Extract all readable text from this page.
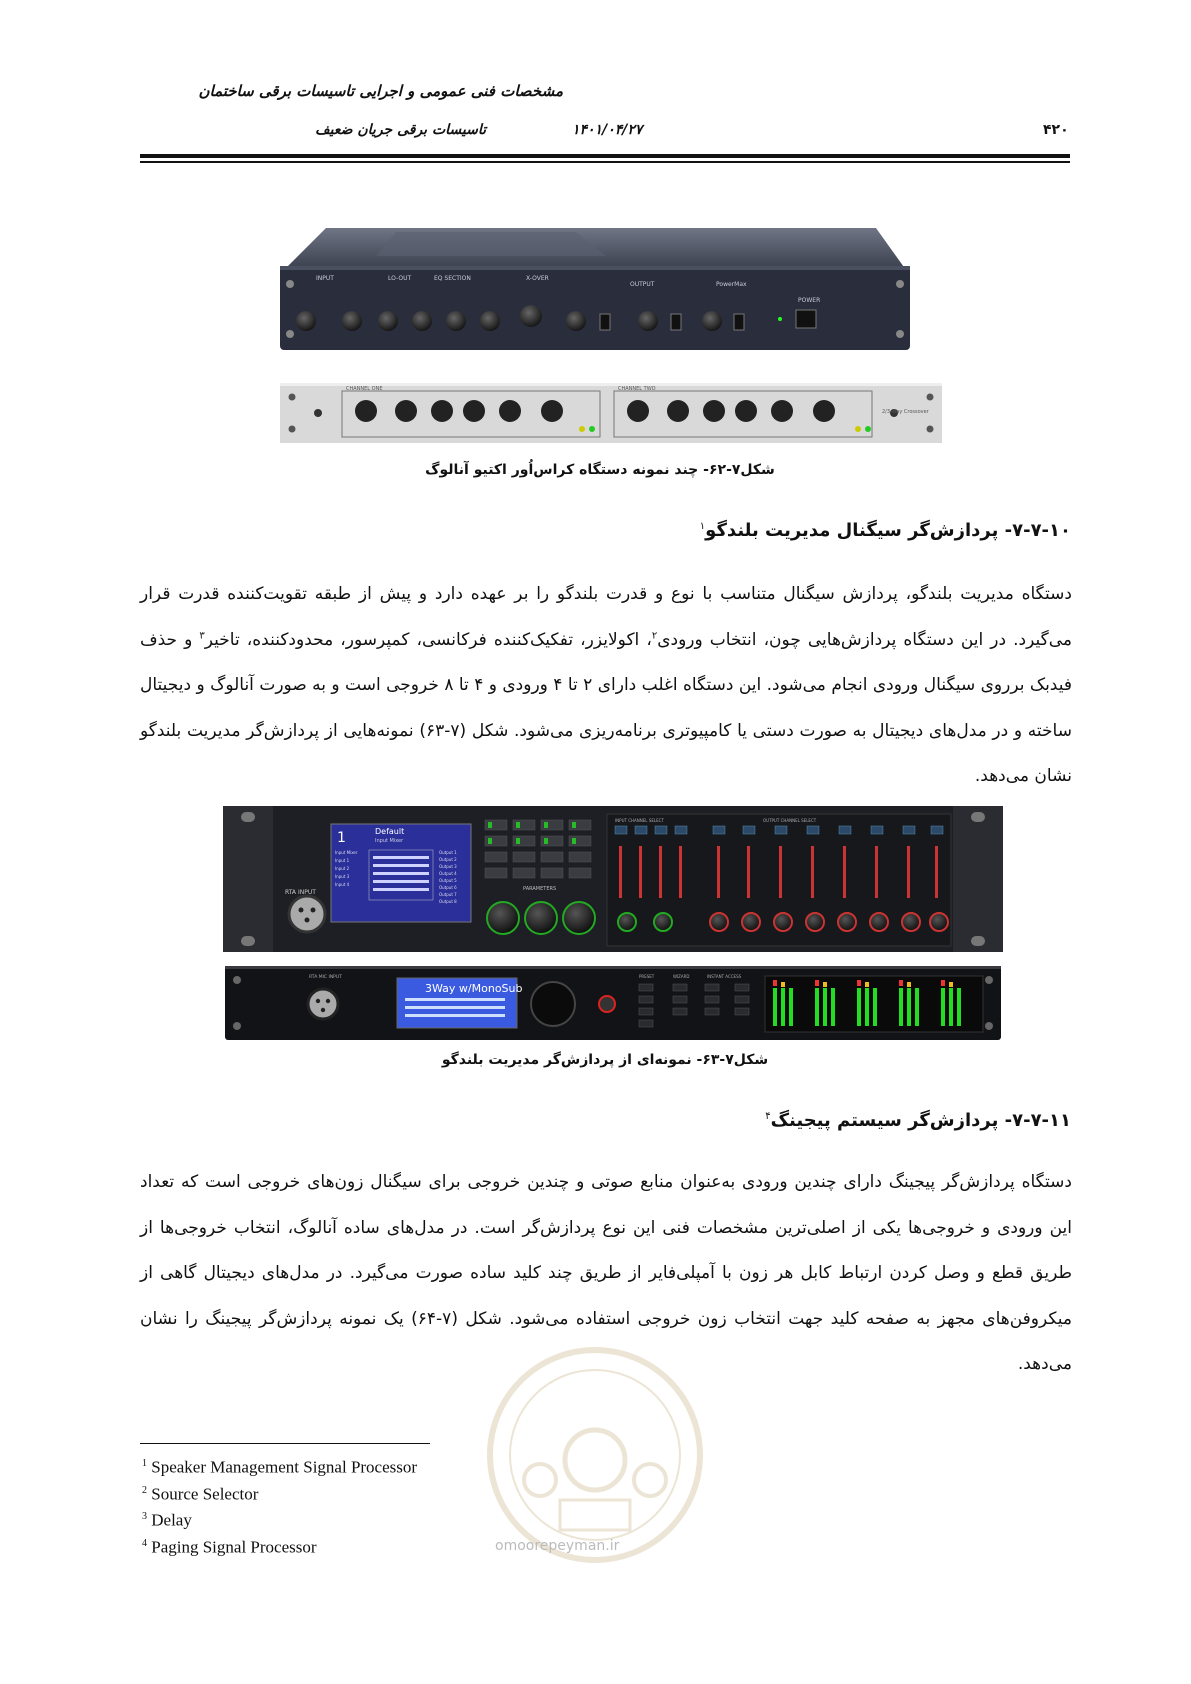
مشخصات فنی عمومی و اجرایی تاسیسات برقی ساختمان
تاسیسات برقی جریان ضعیف	۱۴۰۱/۰۴/۲۷	۴۲۰
INPUT	LO-OUT	EQ SECTION	X-OVER
OUTPUT	PowerMax
POWER
CHANNEL ONE	CHANNEL TWO
2/3-Way Crossover
شکل۷-۶۲- چند نمونه دستگاه کراس‌اُور اکتیو آنالوگ
۷-۷-۱۰- پردازش‌گر سیگنال مدیریت بلندگو$^۱$
دستگاه مدیریت بلندگو، پردازش سیگنال متناسب با نوع و قدرت بلندگو را بر عهده دارد و پیش از طبقه تقویت‌کننده قدرت قرار می‌گیرد. در این دستگاه پردازش‌هایی چون، انتخاب ورودی$^۲$، اکولایزر، تفکیک‌کننده فرکانسی، کمپرسور، محدودکننده، تاخیر$^۳$ و حذف فیدبک برروی سیگنال ورودی انجام می‌شود. این دستگاه اغلب دارای ۲ تا ۴ ورودی و ۴ تا ۸ خروجی است و به صورت آنالوگ و دیجیتال ساخته و در مدل‌های دیجیتال به صورت دستی یا کامپیوتری برنامه‌ریزی می‌شود. شکل (۷-۶۳) نمونه‌هایی از پردازش‌گر مدیریت بلندگو نشان می‌دهد.
RTA INPUT
1	Default
Input Mixer
Input Mixer
Input 1
Input 2
Input 3
Input 4
Output 1
Output 2
Output 3
Output 4
Output 5
Output 6
Output 7
Output 8
PARAMETERS
INPUT CHANNEL SELECT	OUTPUT CHANNEL SELECT
RTA MIC INPUT
3Way w/MonoSub
PRESET	WIZARD	INSTANT ACCESS
شکل۷-۶۳- نمونه‌ای از پردازش‌گر مدیریت بلندگو
۷-۷-۱۱- پردازش‌گر سیستم پیجینگ$^۴$
دستگاه پردازش‌گر پیجینگ دارای چندین ورودی به‌عنوان منابع صوتی و چندین خروجی برای سیگنال زون‌های خروجی است که تعداد این ورودی و خروجی‌ها یکی از اصلی‌ترین مشخصات فنی این نوع پردازش‌گر است. در مدل‌های ساده آنالوگ، انتخاب خروجی‌ها از طریق قطع و وصل کردن ارتباط کابل هر زون با آمپلی‌فایر از طریق چند کلید ساده صورت می‌گیرد. در مدل‌های دیجیتال گاهی از میکروفن‌های مجهز به صفحه کلید جهت انتخاب زون خروجی استفاده می‌شود. شکل (۷-۶۴) یک نمونه پردازش‌گر پیجینگ را نشان می‌دهد.
omoorepeyman.ir
$^1$ Speaker Management Signal Processor
$^2$ Source Selector
$^3$ Delay
$^4$ Paging Signal Processor
